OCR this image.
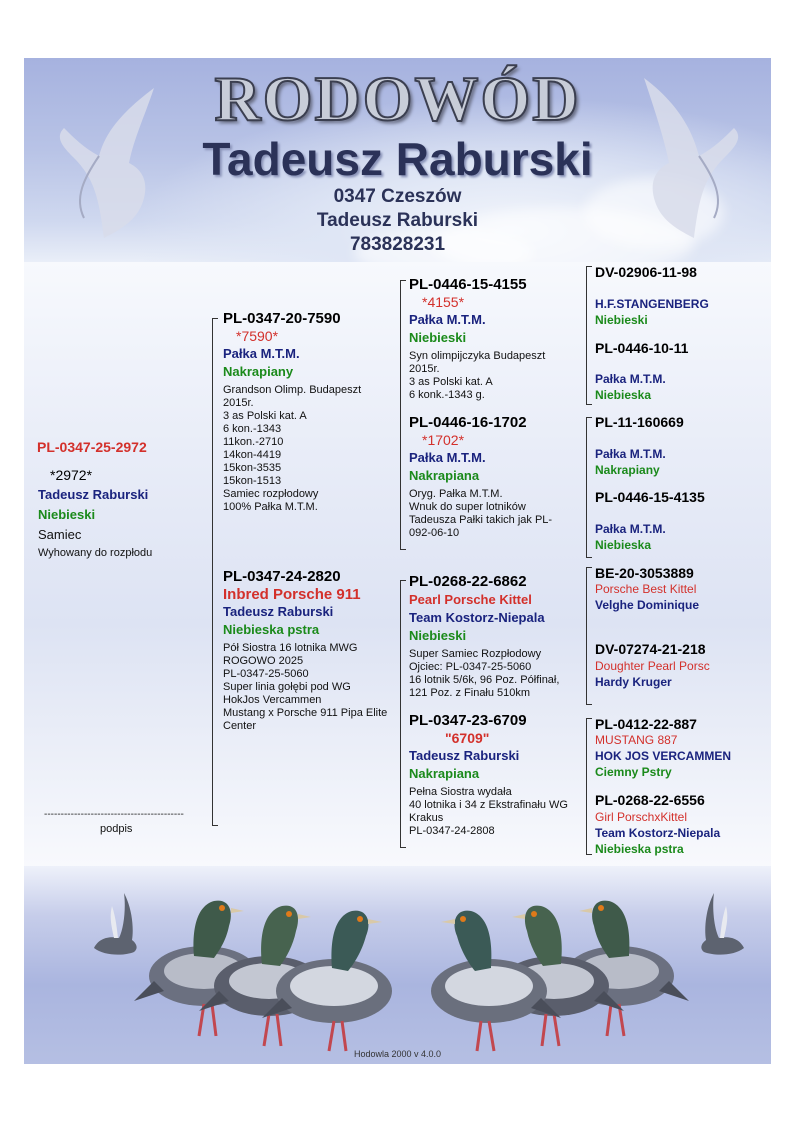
RODOWÓD
Tadeusz Raburski
0347 Czeszów
Tadeusz Raburski
783828231
PL-0347-25-2972
*2972*
Tadeusz Raburski
Niebieski
Samiec
Wyhowany do rozpłodu
------------------------------------------
podpis
PL-0347-20-7590
*7590*
Pałka M.T.M.
Nakrapiany
Grandson Olimp. Budapeszt 2015r.
3 as Polski kat. A
6 kon.-1343
11kon.-2710
14kon-4419
15kon-3535
15kon-1513
Samiec rozpłodowy
100% Pałka M.T.M.
PL-0347-24-2820
Inbred Porsche 911
Tadeusz Raburski
Niebieska pstra
Pół Siostra 16 lotnika MWG ROGOWO 2025
PL-0347-25-5060
Super linia gołębi pod WG HokJos Vercammen
Mustang x Porsche 911 Pipa Elite Center
PL-0446-15-4155
*4155*
Pałka M.T.M.
Niebieski
Syn olimpijczyka Budapeszt 2015r.
3 as Polski kat. A
6 konk.-1343 g.
PL-0446-16-1702
*1702*
Pałka M.T.M.
Nakrapiana
Oryg. Pałka M.T.M.
Wnuk do super lotników Tadeusza Pałki takich jak PL-092-06-10
PL-0268-22-6862
Pearl Porsche Kittel
Team Kostorz-Niepala
Niebieski
Super Samiec Rozpłodowy
Ojciec: PL-0347-25-5060
16 lotnik 5/6k, 96 Poz. Półfinał, 121 Poz. z Finału 510km
PL-0347-23-6709
"6709"
Tadeusz Raburski
Nakrapiana
Pełna Siostra wydała
40 lotnika i 34 z Ekstrafinału WG Krakus
PL-0347-24-2808
DV-02906-11-98
H.F.STANGENBERG
Niebieski
PL-0446-10-11
Pałka M.T.M.
Niebieska
PL-11-160669
Pałka M.T.M.
Nakrapiany
PL-0446-15-4135
Pałka M.T.M.
Niebieska
BE-20-3053889
Porsche Best Kittel
Velghe Dominique
DV-07274-21-218
Doughter Pearl Porsc
Hardy Kruger
PL-0412-22-887
MUSTANG 887
HOK JOS VERCAMMEN
Ciemny Pstry
PL-0268-22-6556
Girl PorschxKittel
Team Kostorz-Niepala
Niebieska pstra
Hodowla 2000 v 4.0.0
